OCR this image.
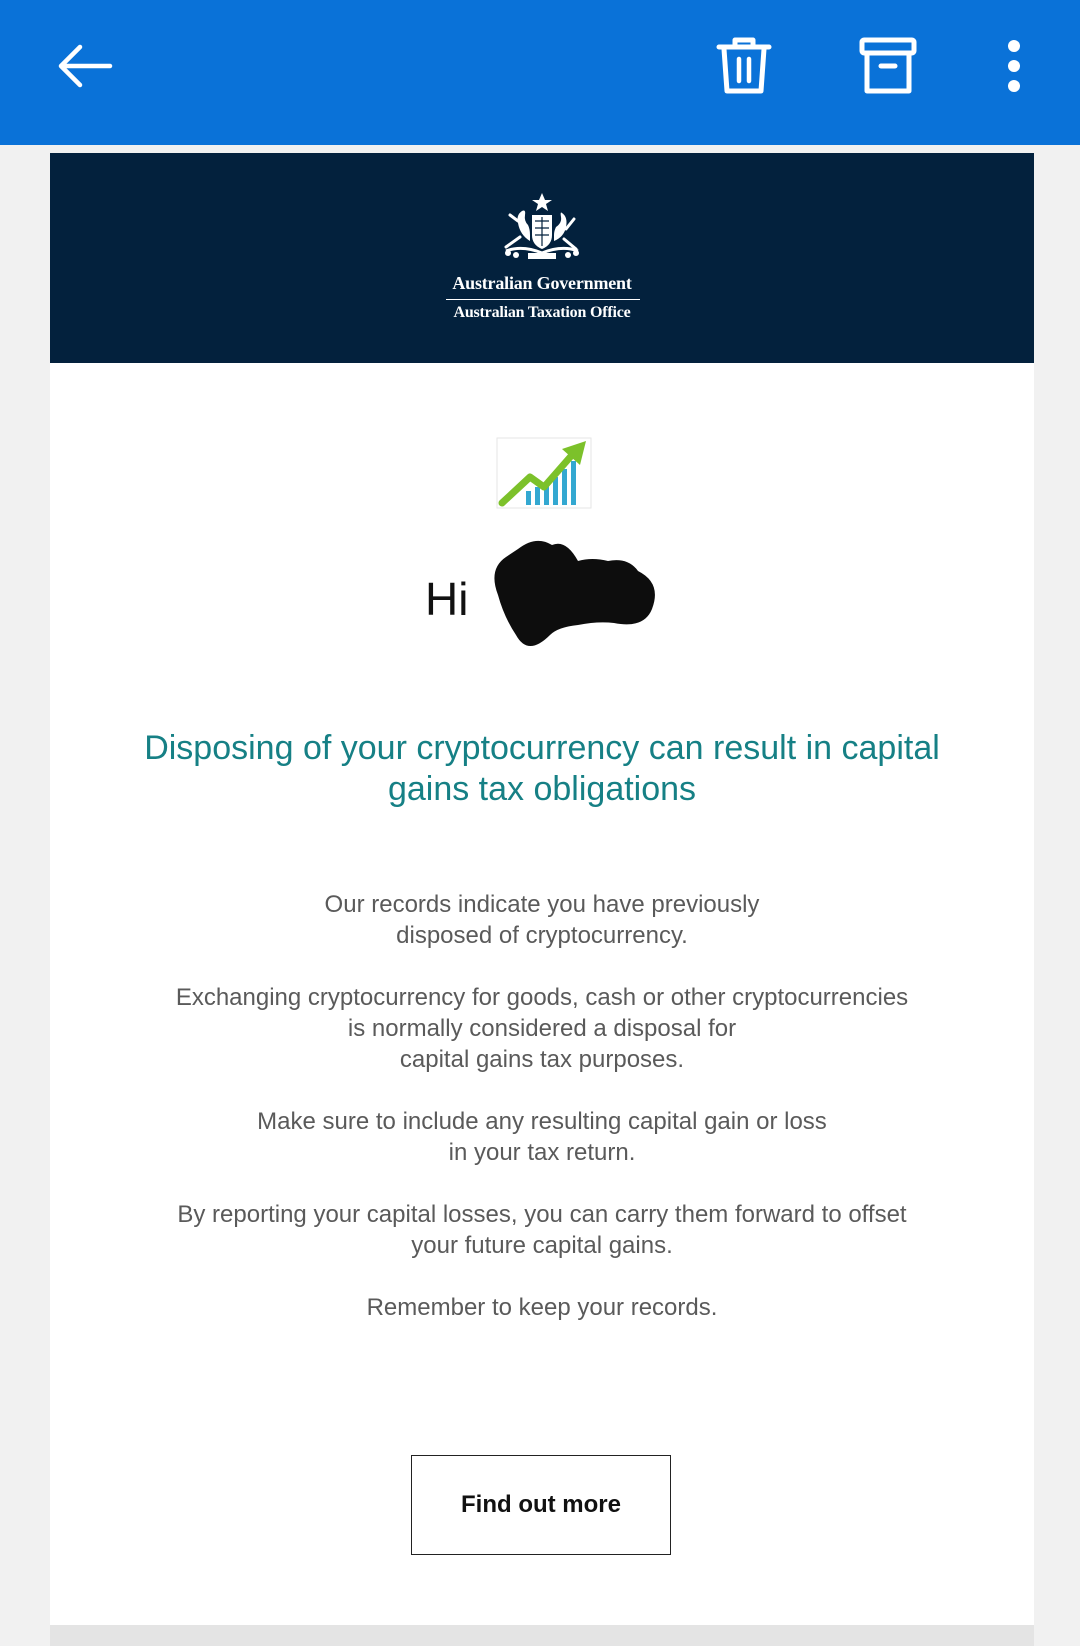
Australian Government
Australian Taxation Office
Hi
Disposing of your cryptocurrency can result in capital gains tax obligations

Our records indicate you have previously
disposed of cryptocurrency.

Exchanging cryptocurrency for goods, cash or other cryptocurrencies
is normally considered a disposal for
capital gains tax purposes.

Make sure to include any resulting capital gain or loss
in your tax return.

By reporting your capital losses, you can carry them forward to offset
your future capital gains.

Remember to keep your records.

Find out more
